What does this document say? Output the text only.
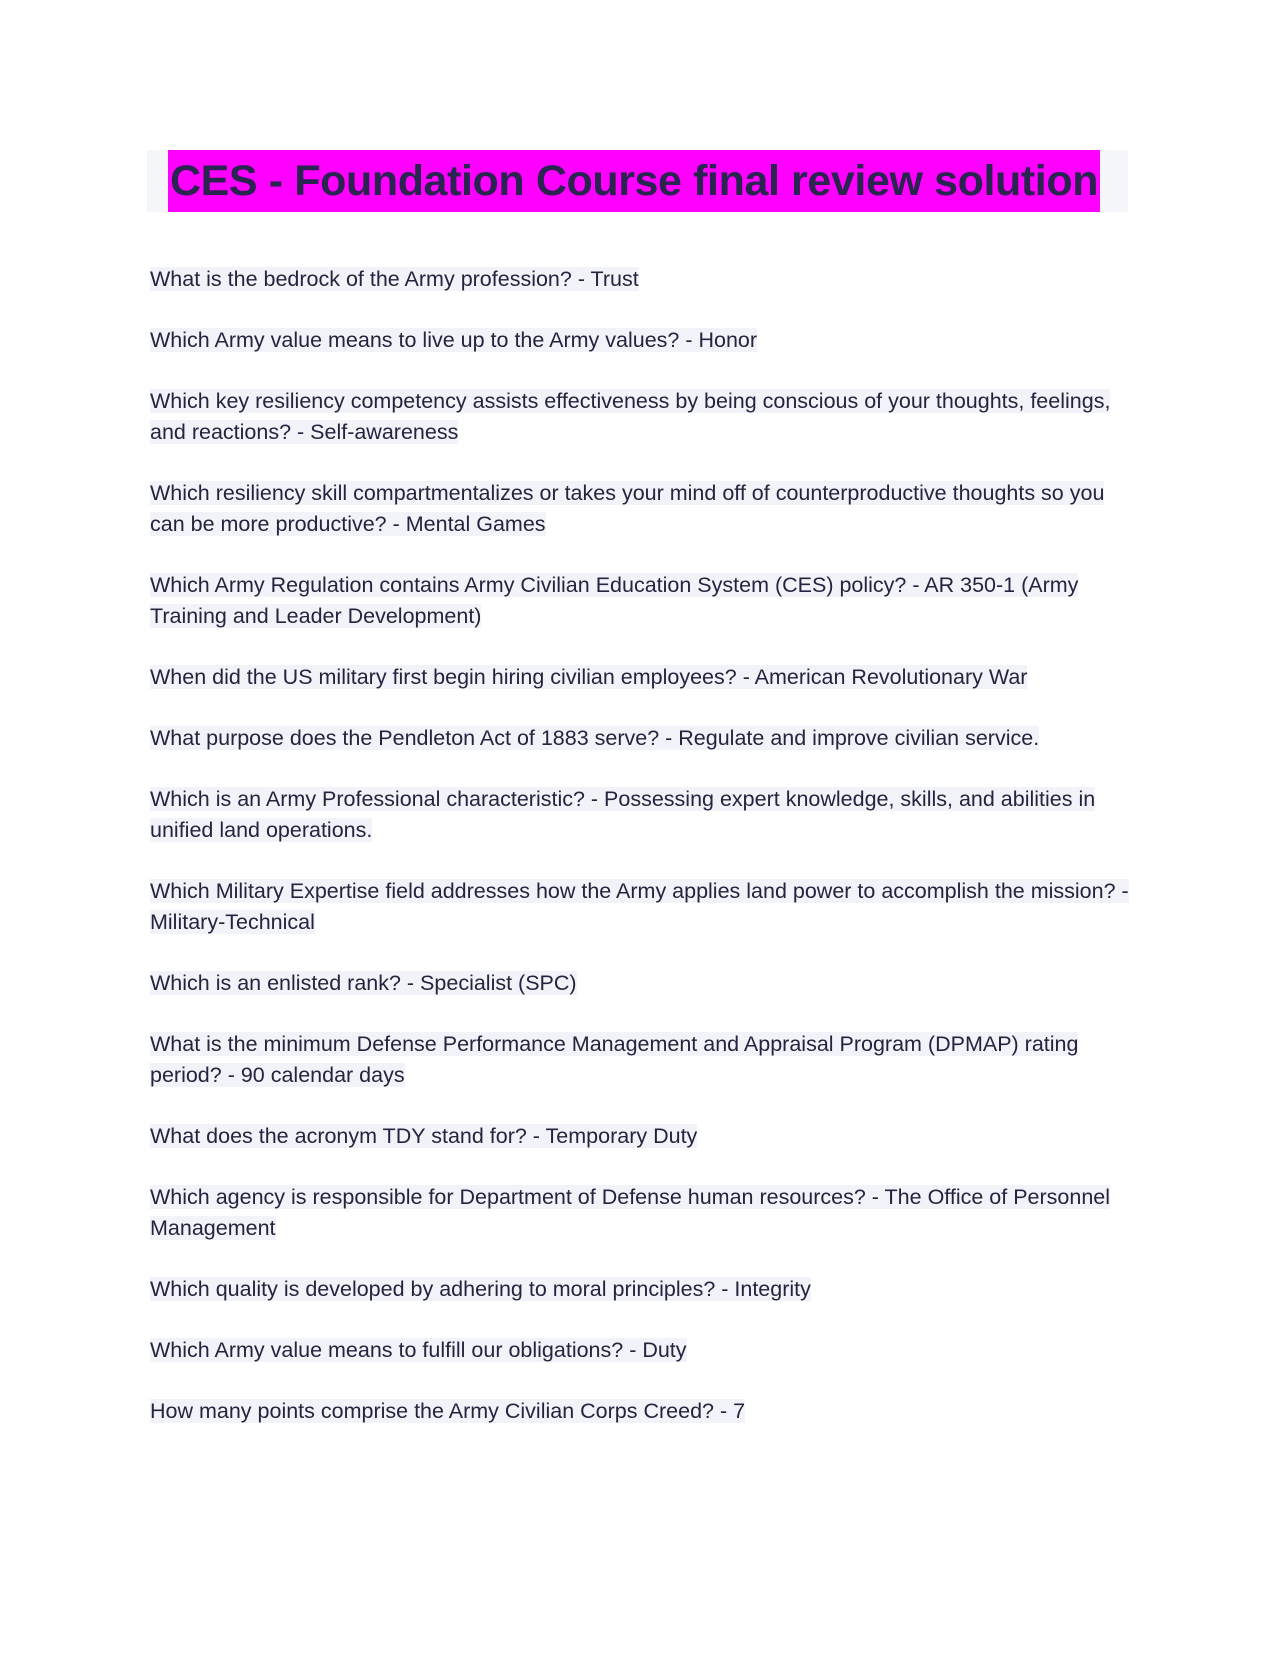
CES - Foundation Course final review solution
What is the bedrock of the Army profession? - Trust
Which Army value means to live up to the Army values? - Honor
Which key resiliency competency assists effectiveness by being conscious of your thoughts, feelings, and reactions? - Self-awareness
Which resiliency skill compartmentalizes or takes your mind off of counterproductive thoughts so you can be more productive? - Mental Games
Which Army Regulation contains Army Civilian Education System (CES) policy? - AR 350-1 (Army Training and Leader Development)
When did the US military first begin hiring civilian employees? - American Revolutionary War
What purpose does the Pendleton Act of 1883 serve? - Regulate and improve civilian service.
Which is an Army Professional characteristic? - Possessing expert knowledge, skills, and abilities in unified land operations.
Which Military Expertise field addresses how the Army applies land power to accomplish the mission? - Military-Technical
Which is an enlisted rank? - Specialist (SPC)
What is the minimum Defense Performance Management and Appraisal Program (DPMAP) rating period? - 90 calendar days
What does the acronym TDY stand for? - Temporary Duty
Which agency is responsible for Department of Defense human resources? - The Office of Personnel Management
Which quality is developed by adhering to moral principles? - Integrity
Which Army value means to fulfill our obligations? - Duty
How many points comprise the Army Civilian Corps Creed? - 7
